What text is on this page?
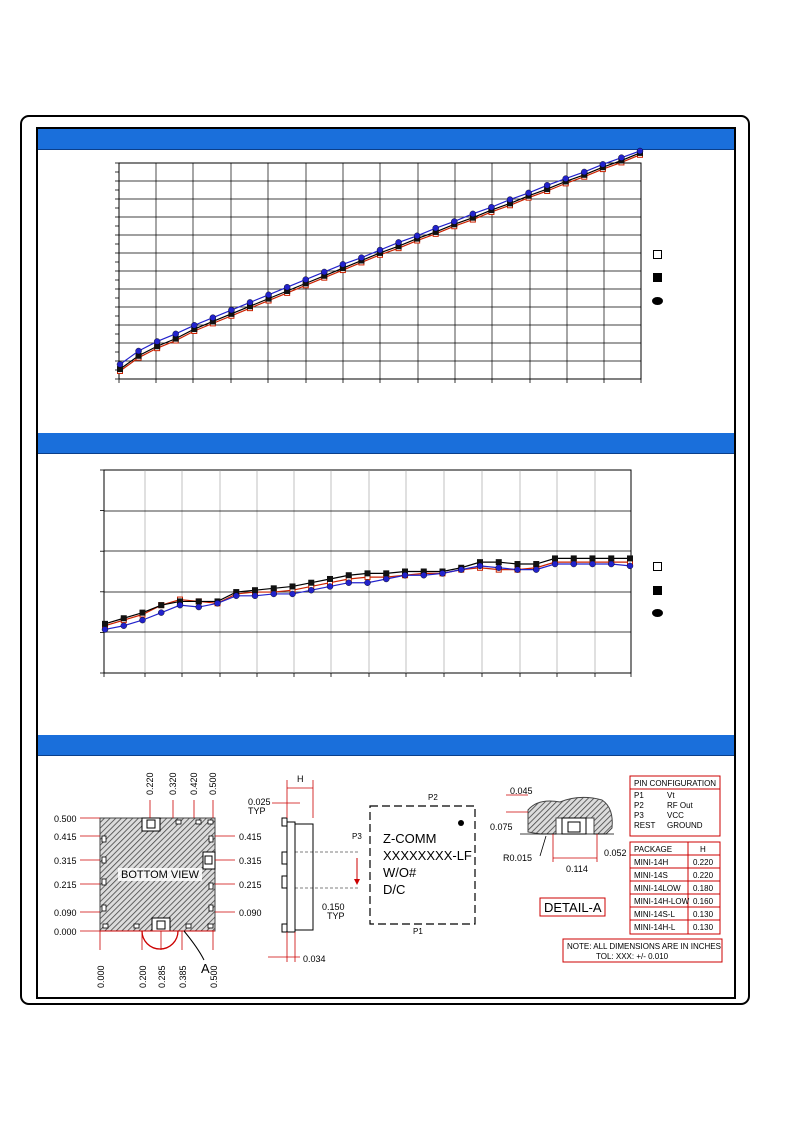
BOTTOM VIEW
A
0.220 0.320 0.420 0.500
0.500
0.415
0.315
0.215
0.090
0.000
0.415
0.315
0.215
0.090
0.000	0.200 0.285 0.385 0.500
H
0.025
TYP
0.150
TYP
0.034
P2
P3
P1
Z-COMM
XXXXXXXX-LF
W/O#
D/C
0.045
0.075
R0.015
0.114
0.052
DETAIL-A
PIN CONFIGURATION
P1	Vt
P2	RF Out
P3	VCC
REST GROUND
PACKAGE	H
MINI-14H	0.220
MINI-14S	0.220
MINI-14LOW 0.180
MINI-14H-LOW 0.160
MINI-14S-L 0.130
MINI-14H-L 0.130
NOTE: ALL DIMENSIONS ARE IN INCHES
TOL: XXX: +/- 0.010
